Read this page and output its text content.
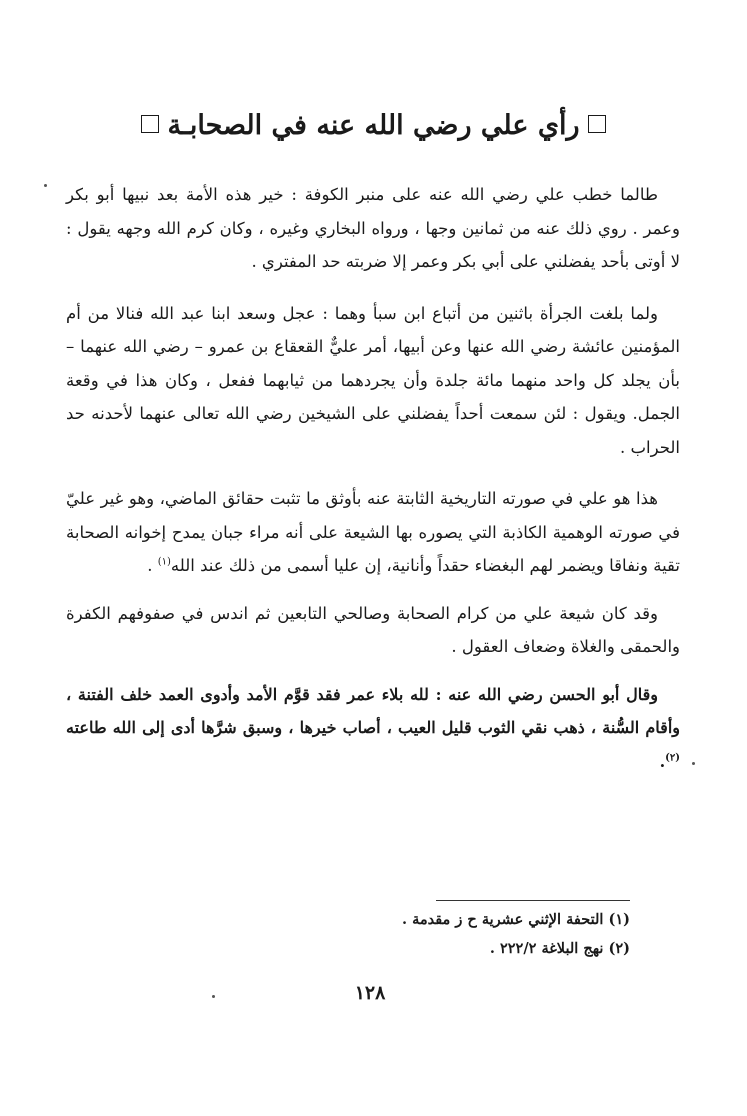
رأي علي رضي الله عنه في الصحابـة

طالما خطب علي رضي الله عنه على منبر الكوفة : خير هذه الأمة بعد نبيها أبو بكر وعمر . روي ذلك عنه من ثمانين وجها ، ورواه البخاري وغيره ، وكان كرم الله وجهه يقول : لا أوتى بأحد يفضلني على أبي بكر وعمر إلا ضربته حد المفتري .

ولما بلغت الجرأة باثنين من أتباع ابن سبأ وهما : عجل وسعد ابنا عبد الله فنالا من أم المؤمنين عائشة رضي الله عنها وعن أبيها، أمر عليٌّ القعقاع بن عمرو – رضي الله عنهما – بأن يجلد كل واحد منهما مائة جلدة وأن يجردهما من ثيابهما ففعل ، وكان هذا في وقعة الجمل. ويقول : لئن سمعت أحداً يفضلني على الشيخين رضي الله تعالى عنهما لأحدنه حد الحراب .

هذا هو علي في صورته التاريخية الثابتة عنه بأوثق ما تثبت حقائق الماضي، وهو غير عليّ في صورته الوهمية الكاذبة التي يصوره بها الشيعة على أنه مراء جبان يمدح إخوانه الصحابة تقية ونفاقا ويضمر لهم البغضاء حقداً وأنانية، إن عليا أسمى من ذلك عند الله$^{(١)}$ .

وقد كان شيعة علي من كرام الصحابة وصالحي التابعين ثم اندس في صفوفهم الكفرة والحمقى والغلاة وضعاف العقول .

وقال أبو الحسن رضي الله عنه : لله بلاء عمر فقد قوَّم الأمد وأدوى العمد خلف الفتنة ، وأقام السُّنة ، ذهب نقي الثوب قليل العيب ، أصاب خيرها ، وسبق شرَّها أدى إلى الله طاعته $^{(٢)}$.

(١) التحفة الإثني عشرية ح ز مقدمة .

(٢) نهج البلاغة ٢٢٢/٢ .

١٢٨
